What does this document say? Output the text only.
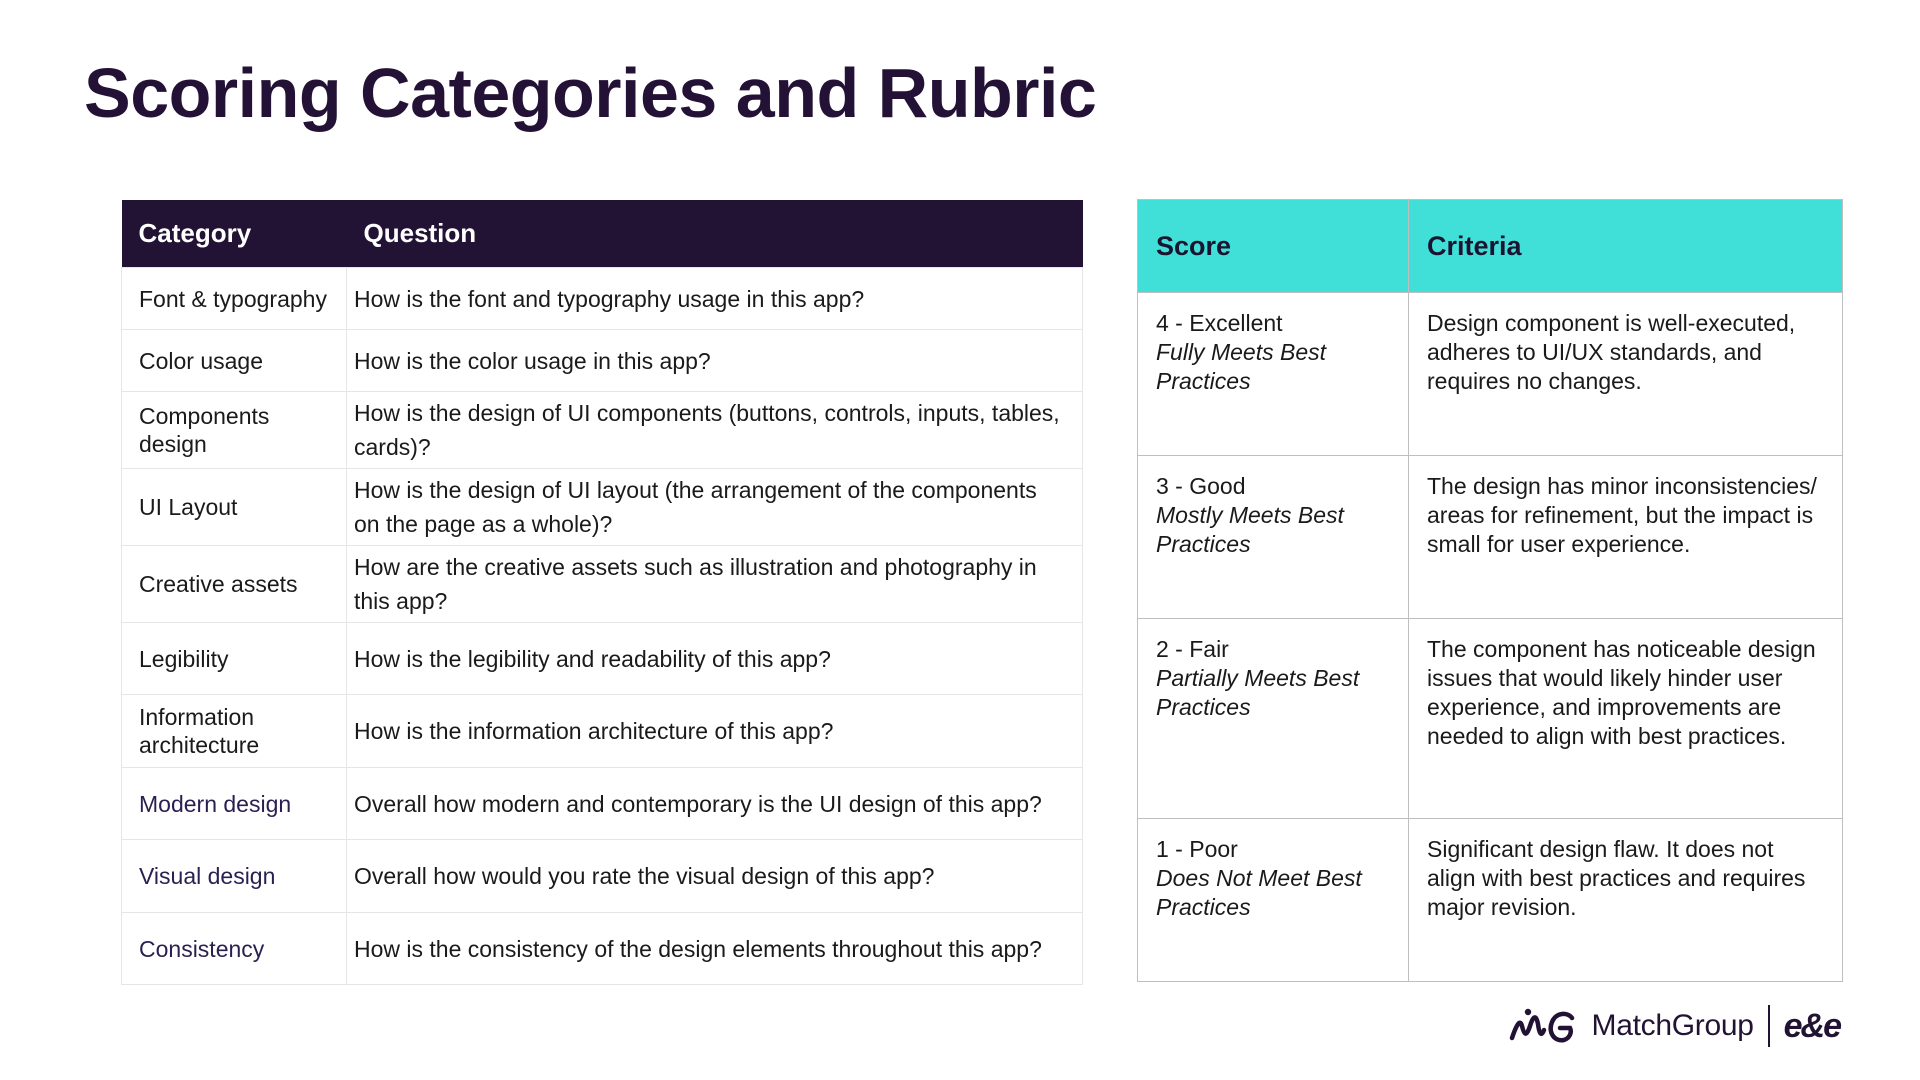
Scoring Categories and Rubric
Category	Question
Font & typography	How is the font and typography usage in this app?
Color usage	How is the color usage in this app?
Components design	How is the design of UI components (buttons, controls, inputs, tables, cards)?
UI Layout	How is the design of UI layout (the arrangement of the components on the page as a whole)?
Creative assets	How are the creative assets such as illustration and photography in this app?
Legibility	How is the legibility and readability of this app?
Information architecture	How is the information architecture of this app?
Modern design	Overall how modern and contemporary is the UI design of this app?
Visual design	Overall how would you rate the visual design of this app?
Consistency	How is the consistency of the design elements throughout this app?
Score	Criteria

4 - Excellent
Fully Meets Best Practices	Design component is well-executed, adheres to UI/UX standards, and requires no changes.

3 - Good
Mostly Meets Best Practices	The design has minor inconsistencies/ areas for refinement, but the impact is small for user experience.

2 - Fair
Partially Meets Best Practices	The component has noticeable design issues that would likely hinder user experience, and improvements are needed to align with best practices.

1 - Poor
Does Not Meet Best Practices	Significant design flaw. It does not align with best practices and requires major revision.
MatchGroup e&e
